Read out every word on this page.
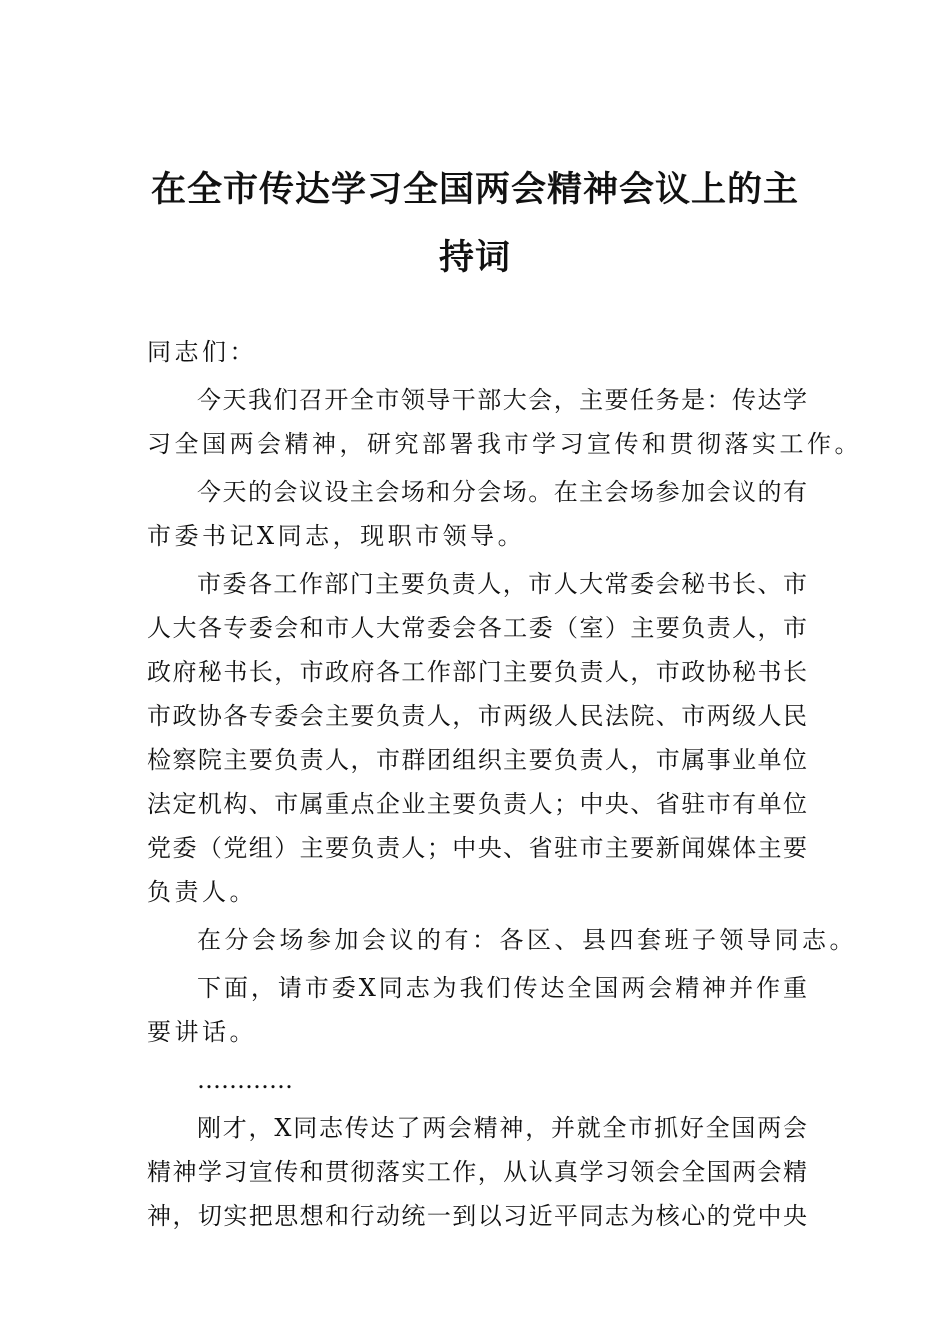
在全市传达学习全国两会精神会议上的主
持词
同志们：
今天我们召开全市领导干部大会，主要任务是：传达学
习全国两会精神，研究部署我市学习宣传和贯彻落实工作。
今天的会议设主会场和分会场。在主会场参加会议的有
市委书记X同志，现职市领导。
市委各工作部门主要负责人，市人大常委会秘书长、市
人大各专委会和市人大常委会各工委（室）主要负责人，市
政府秘书长，市政府各工作部门主要负责人，市政协秘书长
市政协各专委会主要负责人，市两级人民法院、市两级人民
检察院主要负责人，市群团组织主要负责人，市属事业单位
法定机构、市属重点企业主要负责人；中央、省驻市有单位
党委（党组）主要负责人；中央、省驻市主要新闻媒体主要
负责人。
在分会场参加会议的有：各区、县四套班子领导同志。
下面，请市委X同志为我们传达全国两会精神并作重
要讲话。
…………
刚才，X同志传达了两会精神，并就全市抓好全国两会
精神学习宣传和贯彻落实工作，从认真学习领会全国两会精
神，切实把思想和行动统一到以习近平同志为核心的党中央
